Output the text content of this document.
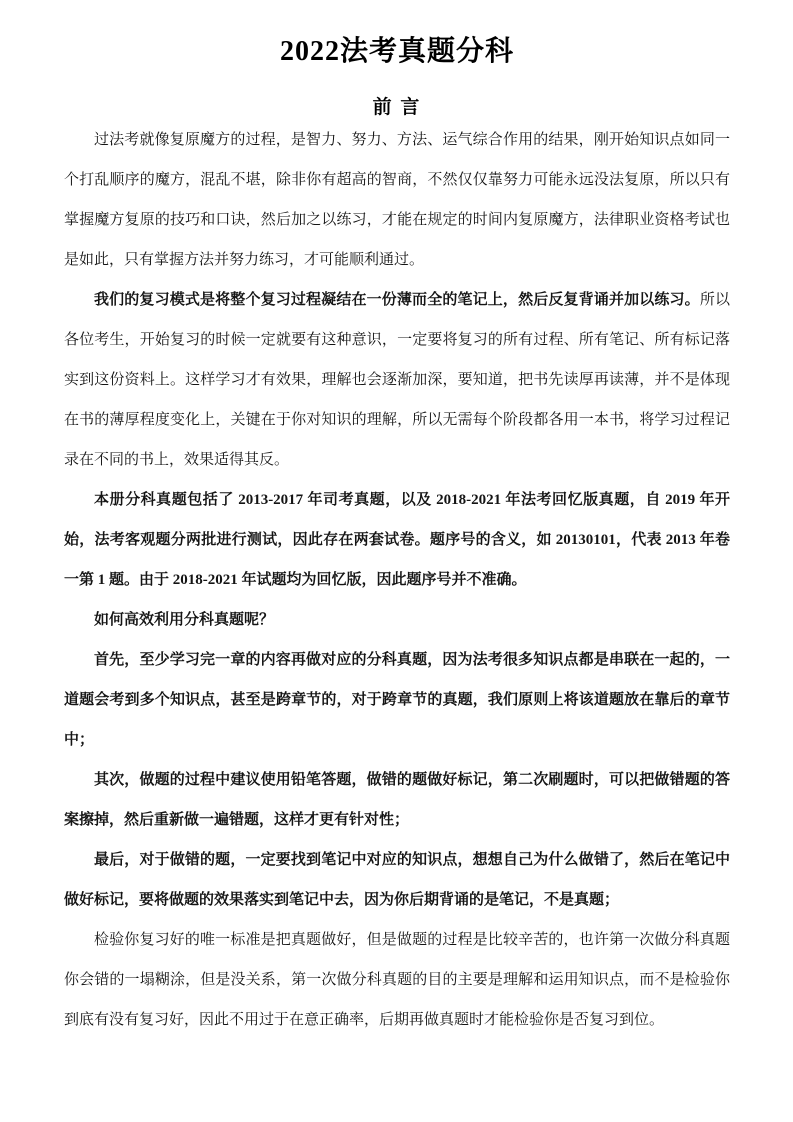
2022法考真题分科
前 言

过法考就像复原魔方的过程，是智力、努力、方法、运气综合作用的结果，刚开始知识点如同一个打乱顺序的魔方，混乱不堪，除非你有超高的智商，不然仅仅靠努力可能永远没法复原，所以只有掌握魔方复原的技巧和口诀，然后加之以练习，才能在规定的时间内复原魔方，法律职业资格考试也是如此，只有掌握方法并努力练习，才可能顺利通过。

我们的复习模式是将整个复习过程凝结在一份薄而全的笔记上，然后反复背诵并加以练习。所以各位考生，开始复习的时候一定就要有这种意识，一定要将复习的所有过程、所有笔记、所有标记落实到这份资料上。这样学习才有效果，理解也会逐渐加深，要知道，把书先读厚再读薄，并不是体现在书的薄厚程度变化上，关键在于你对知识的理解，所以无需每个阶段都各用一本书，将学习过程记录在不同的书上，效果适得其反。

本册分科真题包括了 2013-2017 年司考真题，以及 2018-2021 年法考回忆版真题，自 2019 年开始，法考客观题分两批进行测试，因此存在两套试卷。题序号的含义，如 20130101，代表 2013 年卷一第 1 题。由于 2018-2021 年试题均为回忆版，因此题序号并不准确。

如何高效利用分科真题呢？

首先，至少学习完一章的内容再做对应的分科真题，因为法考很多知识点都是串联在一起的，一道题会考到多个知识点，甚至是跨章节的，对于跨章节的真题，我们原则上将该道题放在靠后的章节中；

其次，做题的过程中建议使用铅笔答题，做错的题做好标记，第二次刷题时，可以把做错题的答案擦掉，然后重新做一遍错题，这样才更有针对性；

最后，对于做错的题，一定要找到笔记中对应的知识点，想想自己为什么做错了，然后在笔记中做好标记，要将做题的效果落实到笔记中去，因为你后期背诵的是笔记，不是真题；

检验你复习好的唯一标准是把真题做好，但是做题的过程是比较辛苦的，也许第一次做分科真题你会错的一塌糊涂，但是没关系，第一次做分科真题的目的主要是理解和运用知识点，而不是检验你到底有没有复习好，因此不用过于在意正确率，后期再做真题时才能检验你是否复习到位。
